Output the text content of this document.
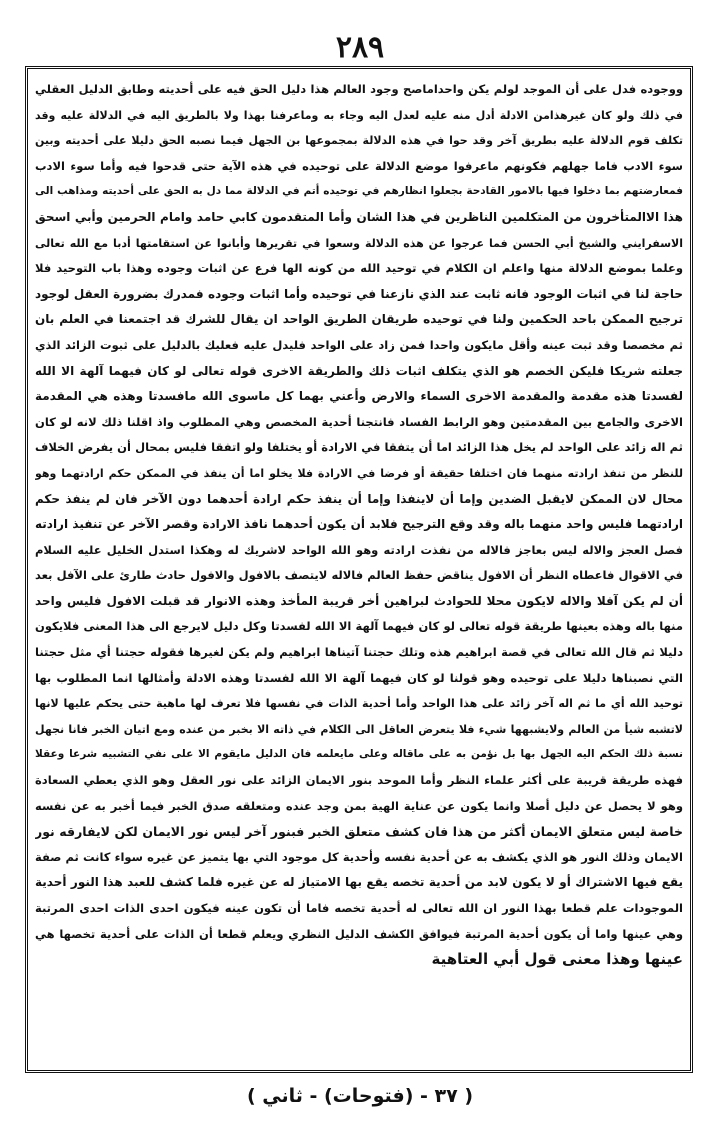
٢٨٩
ووجوده فدل على أن الموجد لولم يكن واحداماصح وجود العالم هذا دليل الحق فيه على أحديته وطابق الدليل العقلي
في ذلك ولو كان غيرهذامن الادلة أدل منه عليه لعدل اليه وجاء به وماعرفنا بهذا ولا بالطريق اليه في الدلالة عليه وقد
تكلف قوم الدلالة عليه بطريق آخر وقد حوا في هذه الدلالة بمجموعها بن الجهل فيما نصبه الحق دليلا على أحديته وبين
سوء الادب فاما جهلهم فكونهم ماعرفوا موضع الدلالة على توحيده في هذه الآية حتى قدحوا فيه وأما سوء الادب
فمعارضتهم بما دخلوا فيها بالامور القادحة بجعلوا انظارهم في توحيده أتم في الدلالة مما دل به الحق على أحديته ومذاهب الى
هذا الاالمتأخرون من المتكلمين الناظرين في هذا الشان وأما المتقدمون كابي حامد وامام الحرمين وأبي اسحق
الاسفرايني والشيخ أبي الحسن فما عرجوا عن هذه الدلالة وسعوا في تقريرها وأبانوا عن استقامتها أدبا مع الله تعالى
وعلما بموضع الدلالة منها واعلم ان الكلام في توحيد الله من كونه الها فرع عن اثبات وجوده وهذا باب التوحيد فلا
حاجة لنا في اثبات الوجود فانه ثابت عند الذي نازعنا في توحيده وأما اثبات وجوده فمدرك بضرورة العقل لوجود
ترجيح الممكن باحد الحكمين ولنا في توحيده طريقان الطريق الواحد ان يقال للشرك قد اجتمعنا في العلم بان
ثم مخصصا وقد ثبت عينه وأقل مايكون واحدا فمن زاد على الواحد فليدل عليه فعليك بالدليل على ثبوت الزائد الذي
جعلته شريكا فليكن الخصم هو الذي يتكلف اثبات ذلك والطريقة الاخرى قوله تعالى لو كان فيهما آلهة الا الله
لفسدتا هذه مقدمة والمقدمة الاخرى السماء والارض وأعني بهما كل ماسوى الله مافسدتا وهذه هي المقدمة
الاخرى والجامع بين المقدمتين وهو الرابط الفساد فانتجنا أحدية المخصص وهي المطلوب واذ اقلنا ذلك لانه لو كان
ثم اله زائد على الواحد لم يخل هذا الزائد اما أن يتفقا في الارادة أو يختلفا ولو اتفقا فليس بمحال أن يفرض الخلاف
للنظر من تنفذ ارادته منهما فان اختلفا حقيقة أو فرضا في الارادة فلا يخلو اما أن ينفذ في الممكن حكم ارادتهما وهو
محال لان الممكن لايقبل الضدين وإما أن لاينفذا وإما أن ينفذ حكم ارادة أحدهما دون الآخر فان لم ينفذ حكم
ارادتهما فليس واحد منهما باله وقد وقع الترجيح فلابد أن يكون أحدهما نافذ الارادة وقصر الآخر عن تنفيذ ارادته
فصل العجز والاله ليس بعاجز فالاله من نفذت ارادته وهو الله الواحد لاشريك له وهكذا استدل الخليل عليه السلام
في الاقوال فاعطاه النظر أن الافول يناقض حفظ العالم فالاله لايتصف بالافول والافول حادث طارئ على الآفل بعد
أن لم يكن آفلا والاله لايكون محلا للحوادث لبراهين أخر قريبة المأخذ وهذه الانوار قد قبلت الافول فليس واحد
منها باله وهذه بعينها طريقة قوله تعالى لو كان فيهما آلهة الا الله لفسدتا وكل دليل لايرجع الى هذا المعنى فلايكون
دليلا ثم قال الله تعالى في قصة ابراهيم هذه وتلك حجتنا آتيناها ابراهيم ولم يكن لغيرها فقوله حجتنا أي مثل حجتنا
التي نصبناها دليلا على توحيده وهو قولنا لو كان فيهما آلهة الا الله لفسدتا وهذه الادلة وأمثالها انما المطلوب بها
توحيد الله أي ما ثم اله آخر زائد على هذا الواحد وأما أحدية الذات في نفسها فلا تعرف لها ماهية حتى يحكم عليها لانها
لاتشبه شيأ من العالم ولايشبهها شيء فلا يتعرض العاقل الى الكلام في ذاته الا بخبر من عنده ومع اتيان الخبر فانا نجهل
نسبة ذلك الحكم اليه الجهل بها بل نؤمن به على ماقاله وعلى مايعلمه فان الدليل مايقوم الا على نفي التشبيه شرعا وعقلا
فهذه طريقة قريبة على أكثر علماء النظر وأما الموحد بنور الايمان الزائد على نور العقل وهو الذي يعطي السعادة
وهو لا يحصل عن دليل أصلا وانما يكون عن عناية الهية بمن وجد عنده ومتعلقه صدق الخبر فيما أخبر به عن نفسه
خاصة ليس متعلق الايمان أكثر من هذا فان كشف متعلق الخبر فبنور آخر ليس نور الايمان لكن لايفارقه نور
الايمان وذلك النور هو الذي يكشف به عن أحدية نفسه وأحدية كل موجود التي بها يتميز عن غيره سواء كانت ثم صفة
يقع فيها الاشتراك أو لا يكون لابد من أحدية تخصه يقع بها الامتياز له عن غيره فلما كشف للعبد هذا النور أحدية
الموجودات علم قطعا بهذا النور ان الله تعالى له أحدية تخصه فاما أن تكون عينه فيكون احدى الذات احدى المرتبة
وهي عينها واما أن يكون أحدية المرتبة فيوافق الكشف الدليل النظري ويعلم قطعا أن الذات على أحدية تخصها هي
عينها وهذا معنى قول أبي العتاهية

( ٣٧ - (فتوحات) - ثاني )
